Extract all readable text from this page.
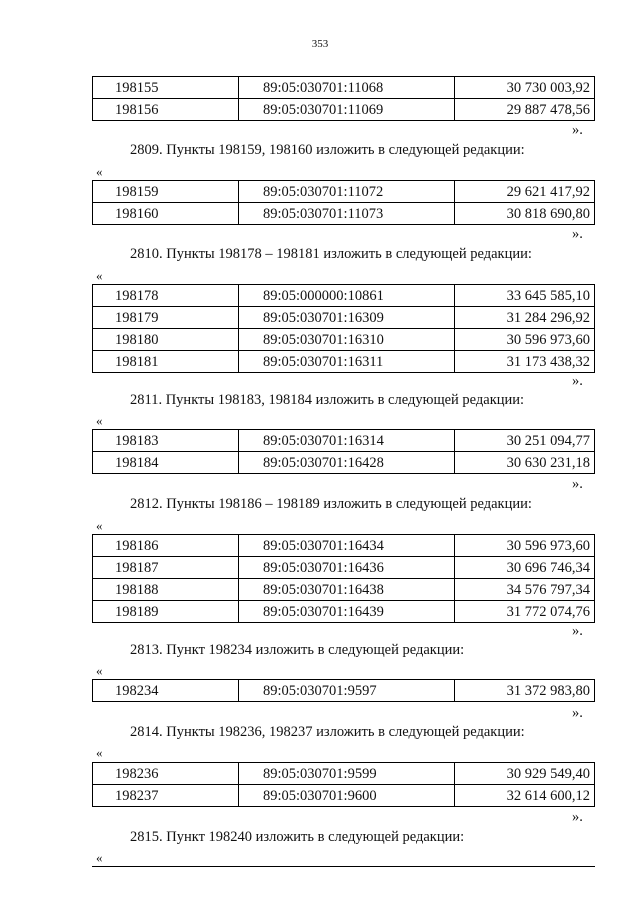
353
198155	89:05:030701:11068	30 730 003,92
198156	89:05:030701:11069	29 887 478,56
».
2809. Пункты 198159, 198160 изложить в следующей редакции:
«
198159	89:05:030701:11072	29 621 417,92
198160	89:05:030701:11073	30 818 690,80
».
2810. Пункты 198178 – 198181 изложить в следующей редакции:
«
198178	89:05:000000:10861	33 645 585,10
198179	89:05:030701:16309	31 284 296,92
198180	89:05:030701:16310	30 596 973,60
198181	89:05:030701:16311	31 173 438,32
».
2811. Пункты 198183, 198184 изложить в следующей редакции:
«
198183	89:05:030701:16314	30 251 094,77
198184	89:05:030701:16428	30 630 231,18
».
2812. Пункты 198186 – 198189 изложить в следующей редакции:
«
198186	89:05:030701:16434	30 596 973,60
198187	89:05:030701:16436	30 696 746,34
198188	89:05:030701:16438	34 576 797,34
198189	89:05:030701:16439	31 772 074,76
».
2813. Пункт 198234 изложить в следующей редакции:
«
198234	89:05:030701:9597	31 372 983,80
».
2814. Пункты 198236, 198237 изложить в следующей редакции:
«
198236	89:05:030701:9599	30 929 549,40
198237	89:05:030701:9600	32 614 600,12
».
2815. Пункт 198240 изложить в следующей редакции:
«
